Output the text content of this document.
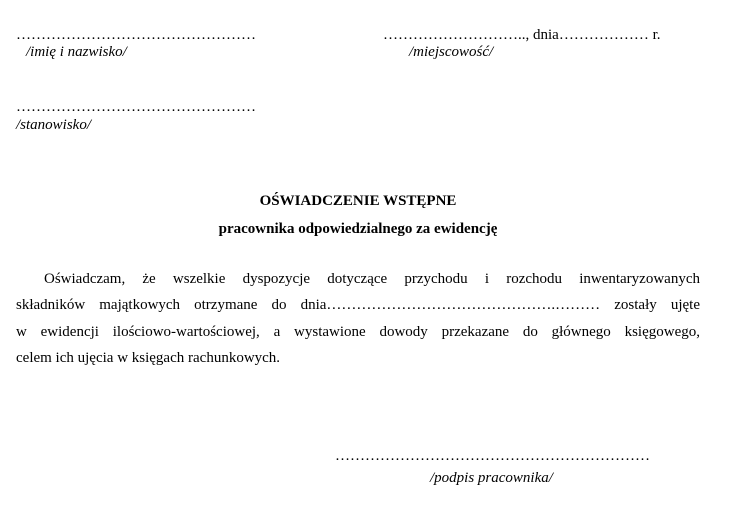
…………………………………………	……………………….., dnia……………… r.
/imię i nazwisko/	/miejscowość/
…………………………………………
/stanowisko/
OŚWIADCZENIE WSTĘPNE
pracownika odpowiedzialnego za ewidencję
Oświadczam, że wszelkie dyspozycje dotyczące przychodu i rozchodu inwentaryzowanych
składników majątkowych otrzymane do dnia……………………………………….……… zostały ujęte
w ewidencji ilościowo-wartościowej, a wystawione dowody przekazane do głównego księgowego,
celem ich ujęcia w księgach rachunkowych.
………………………………………………………
/podpis pracownika/
